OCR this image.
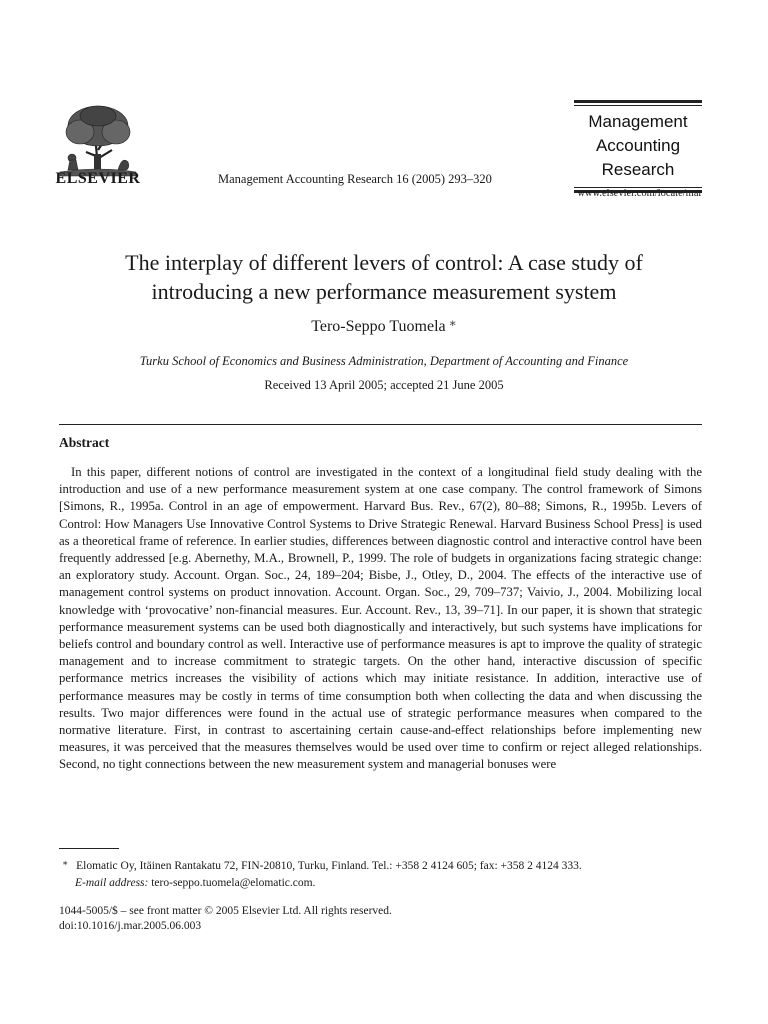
ELSEVIER	Management Accounting Research 16 (2005) 293–320
Management
Accounting
Research
www.elsevier.com/locate/mar
The interplay of different levers of control: A case study of
introducing a new performance measurement system
Tero-Seppo Tuomela ∗
Turku School of Economics and Business Administration, Department of Accounting and Finance
Received 13 April 2005; accepted 21 June 2005
Abstract

In this paper, different notions of control are investigated in the context of a longitudinal field study dealing with the introduction and use of a new performance measurement system at one case company. The control framework of Simons [Simons, R., 1995a. Control in an age of empowerment. Harvard Bus. Rev., 67(2), 80–88; Simons, R., 1995b. Levers of Control: How Managers Use Innovative Control Systems to Drive Strategic Renewal. Harvard Business School Press] is used as a theoretical frame of reference. In earlier studies, differences between diagnostic control and interactive control have been frequently addressed [e.g. Abernethy, M.A., Brownell, P., 1999. The role of budgets in organizations facing strategic change: an exploratory study. Account. Organ. Soc., 24, 189–204; Bisbe, J., Otley, D., 2004. The effects of the interactive use of management control systems on product innovation. Account. Organ. Soc., 29, 709–737; Vaivio, J., 2004. Mobilizing local knowledge with ‘provocative’ non-financial measures. Eur. Account. Rev., 13, 39–71]. In our paper, it is shown that strategic performance measurement systems can be used both diagnostically and interactively, but such systems have implications for beliefs control and boundary control as well. Interactive use of performance measures is apt to improve the quality of strategic management and to increase commitment to strategic targets. On the other hand, interactive discussion of specific performance metrics increases the visibility of actions which may initiate resistance. In addition, interactive use of performance measures may be costly in terms of time consumption both when collecting the data and when discussing the results. Two major differences were found in the actual use of strategic performance measures when compared to the normative literature. First, in contrast to ascertaining certain cause-and-effect relationships before implementing new measures, it was perceived that the measures themselves would be used over time to confirm or reject alleged relationships. Second, no tight connections between the new measurement system and managerial bonuses were

∗ Elomatic Oy, Itäinen Rantakatu 72, FIN-20810, Turku, Finland. Tel.: +358 2 4124 605; fax: +358 2 4124 333.
E-mail address: tero-seppo.tuomela@elomatic.com.
1044-5005/$ – see front matter © 2005 Elsevier Ltd. All rights reserved.
doi:10.1016/j.mar.2005.06.003
